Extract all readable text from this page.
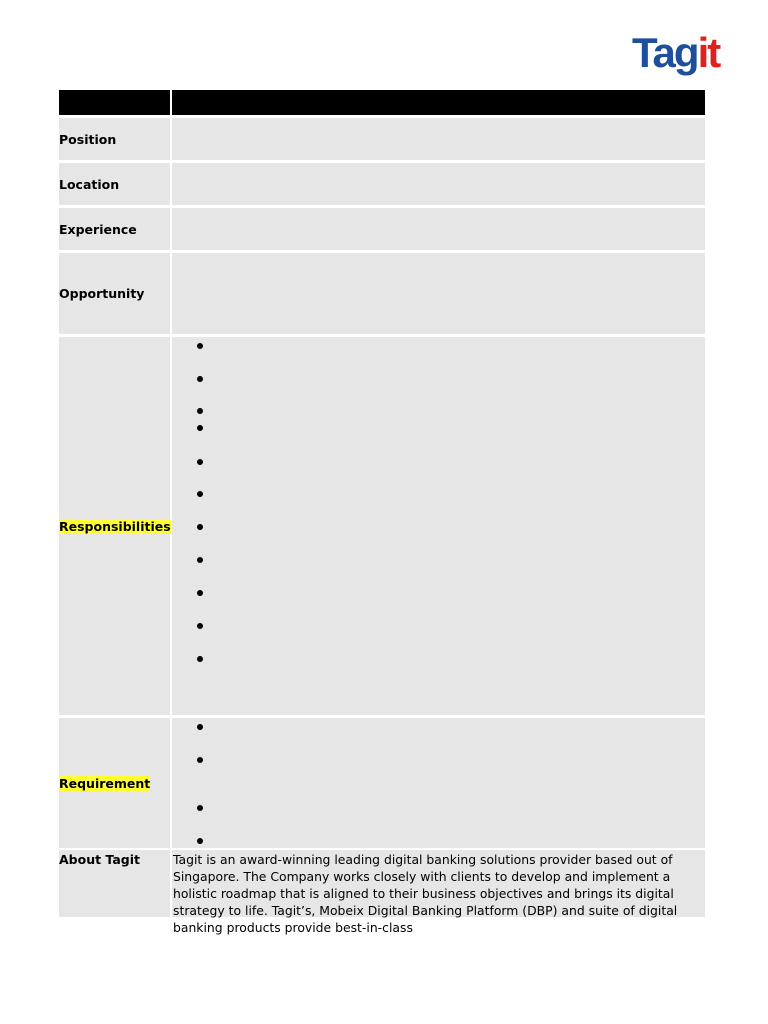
Tagit
Position
Location
Experience
Opportunity
Responsibilities
Requirement
About Tagit	Tagit is an award-winning leading digital banking solutions provider based out of Singapore. The Company works closely with clients to develop and implement a holistic roadmap that is aligned to their business objectives and brings its digital strategy to life. Tagit’s, Mobeix Digital Banking Platform (DBP) and suite of digital banking products provide best-in-class
